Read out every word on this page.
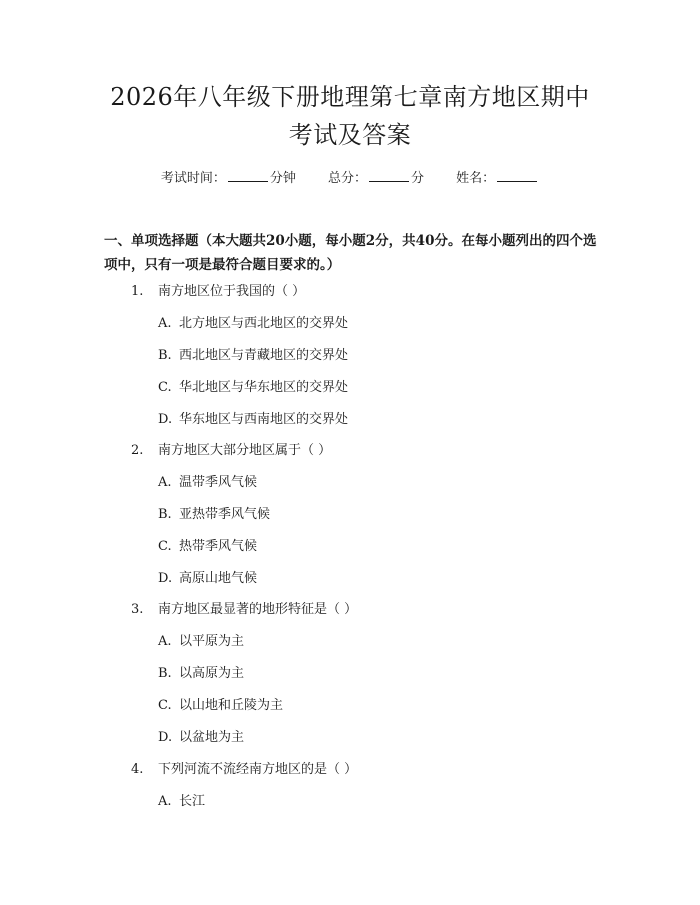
2026年八年级下册地理第七章南方地区期中
考试及答案
考试时间：	分钟 总分：	分 姓名：

一、单项选择题（本大题共20小题，每小题2分，共40分。在每小题列出的四个选项中，只有一项是最符合题目要求的。）

1. 南方地区位于我国的（ ）
A. 北方地区与西北地区的交界处
B. 西北地区与青藏地区的交界处
C. 华北地区与华东地区的交界处
D. 华东地区与西南地区的交界处
2. 南方地区大部分地区属于（ ）
A. 温带季风气候
B. 亚热带季风气候
C. 热带季风气候
D. 高原山地气候
3. 南方地区最显著的地形特征是（ ）
A. 以平原为主
B. 以高原为主
C. 以山地和丘陵为主
D. 以盆地为主
4. 下列河流不流经南方地区的是（ ）
A. 长江
